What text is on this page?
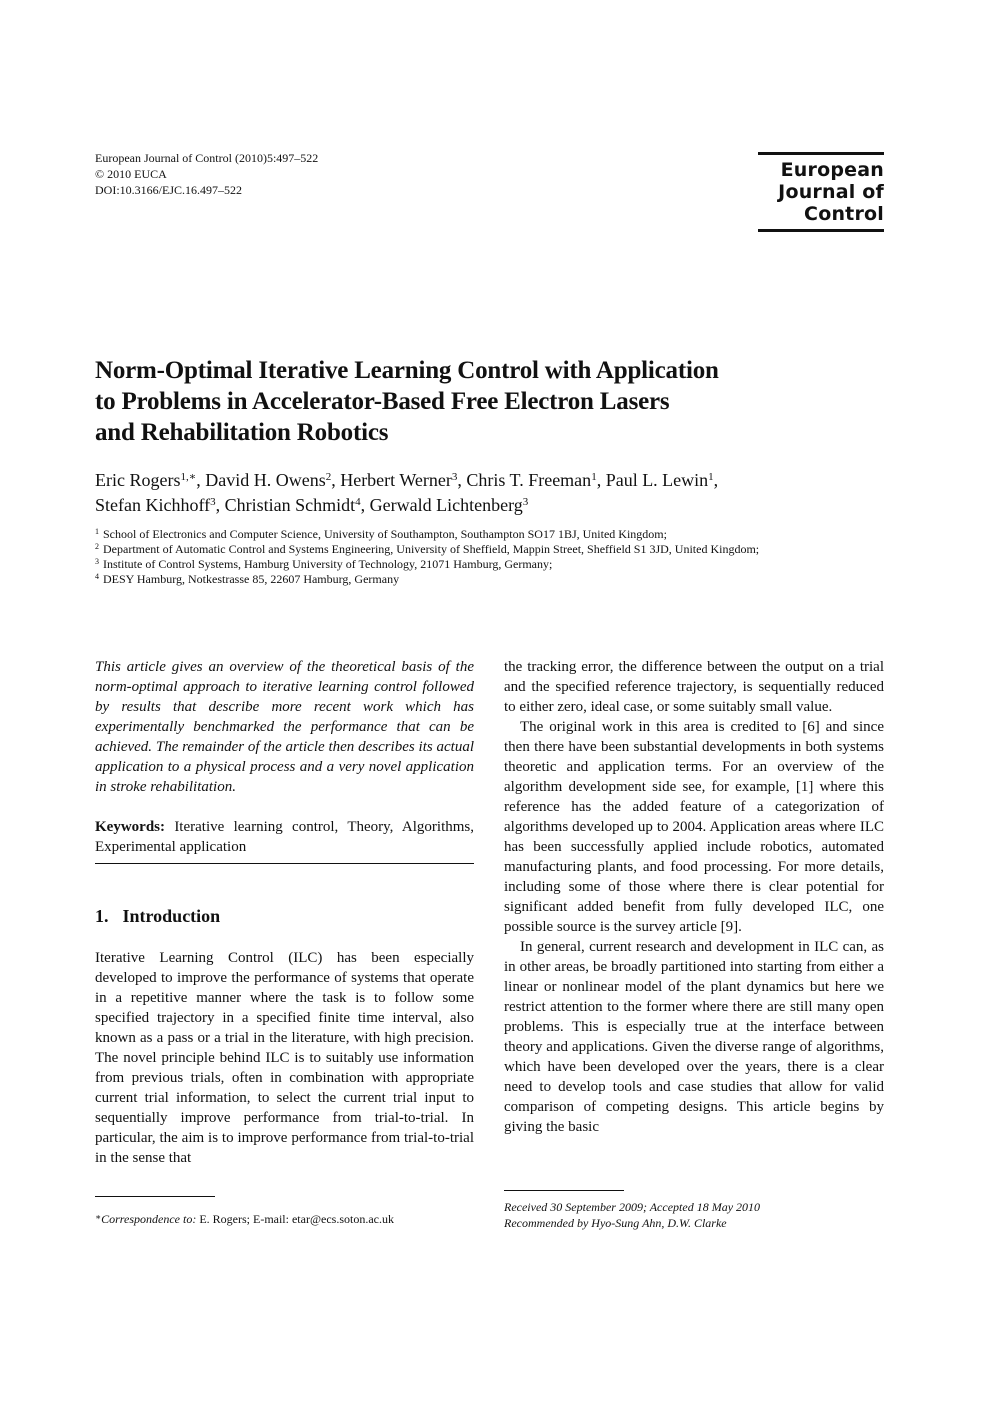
European Journal of Control (2010)5:497–522
© 2010 EUCA
DOI:10.3166/EJC.16.497–522
European
Journal of
Control
Norm-Optimal Iterative Learning Control with Application
to Problems in Accelerator-Based Free Electron Lasers
and Rehabilitation Robotics
Eric Rogers$^{1,∗}$, David H. Owens$^2$, Herbert Werner$^3$, Chris T. Freeman$^1$, Paul L. Lewin$^1$,
Stefan Kichhoff$^3$, Christian Schmidt$^4$, Gerwald Lichtenberg$^3$
$^1$ School of Electronics and Computer Science, University of Southampton, Southampton SO17 1BJ, United Kingdom;
$^2$ Department of Automatic Control and Systems Engineering, University of Sheffield, Mappin Street, Sheffield S1 3JD, United Kingdom;
$^3$ Institute of Control Systems, Hamburg University of Technology, 21071 Hamburg, Germany;
$^4$ DESY Hamburg, Notkestrasse 85, 22607 Hamburg, Germany
This article gives an overview of the theoretical basis of the norm-optimal approach to iterative learning control followed by results that describe more recent work which has experimentally benchmarked the performance that can be achieved. The remainder of the article then describes its actual application to a physical process and a very novel application in stroke rehabilitation.
Keywords: Iterative learning control, Theory, Algorithms, Experimental application
1. Introduction
Iterative Learning Control (ILC) has been especially developed to improve the performance of systems that operate in a repetitive manner where the task is to follow some specified trajectory in a specified finite time interval, also known as a pass or a trial in the literature, with high precision. The novel principle behind ILC is to suitably use information from previous trials, often in combination with appropriate current trial information, to select the current trial input to sequentially improve performance from trial-to-trial. In particular, the aim is to improve performance from trial-to-trial in the sense that

the tracking error, the difference between the output on a trial and the specified reference trajectory, is sequentially reduced to either zero, ideal case, or some suitably small value.

The original work in this area is credited to [6] and since then there have been substantial developments in both systems theoretic and application terms. For an overview of the algorithm development side see, for example, [1] where this reference has the added feature of a categorization of algorithms developed up to 2004. Application areas where ILC has been successfully applied include robotics, automated manufacturing plants, and food processing. For more details, including some of those where there is clear potential for significant added benefit from fully developed ILC, one possible source is the survey article [9].

In general, current research and development in ILC can, as in other areas, be broadly partitioned into starting from either a linear or nonlinear model of the plant dynamics but here we restrict attention to the former where there are still many open problems. This is especially true at the interface between theory and applications. Given the diverse range of algorithms, which have been developed over the years, there is a clear need to develop tools and case studies that allow for valid comparison of competing designs. This article begins by giving the basic

∗Correspondence to: E. Rogers; E-mail: etar@ecs.soton.ac.uk
Received 30 September 2009; Accepted 18 May 2010
Recommended by Hyo-Sung Ahn, D.W. Clarke
